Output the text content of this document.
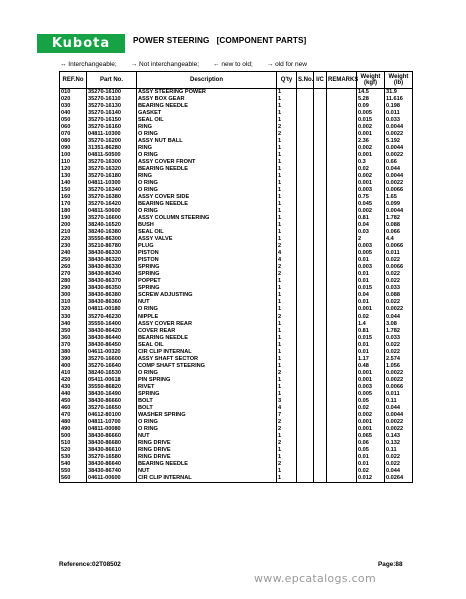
Kubota	POWER STEERING   [COMPONENT PARTS]
↔ Interchangeable; → Not interchangeable; ← new to old; → old for new
REF.No	Part No.	Description	Q'ty	S.No.	I/C	REMARKS	Weight (kgf)	Weight (lb)
010	35270-16100	ASSY STEERING POWER	1				14.5	31.9
020	35270-16110	ASSY BOX GEAR	1				5.28	11.616
030	35270-16130	BEARING NEEDLE	1				0.09	0.198
040	35270-16140	GASKET	1				0.005	0.011
050	35270-16150	SEAL OIL	1				0.015	0.033
060	35270-16160	RING	2				0.002	0.0044
070	04811-10300	O RING	2				0.001	0.0022
080	35270-16200	ASSY NUT BALL	1				2.36	5.192
090	31351-86280	RING	1				0.002	0.0044
100	04811-50500	O RING	1				0.001	0.0022
110	35270-16300	ASSY COVER FRONT	1				0.3	0.66
120	35270-16320	BEARING NEEDLE	1				0.02	0.044
130	35270-16180	RING	1				0.002	0.0044
140	04811-10300	O RING	1				0.001	0.0022
150	35270-16340	O RING	1				0.003	0.0066
160	35270-16380	ASSY COVER SIDE	1				0.75	1.65
170	35270-16420	BEARING NEEDLE	1				0.045	0.099
180	04811-50600	O RING	1				0.002	0.0044
190	35270-16600	ASSY COLUMN STEERING	1				0.81	1.782
200	38240-16520	BUSH	1				0.04	0.088
210	38240-16380	SEAL OIL	1				0.03	0.066
220	35550-86300	ASSY VALVE	1				2	4.4
230	35210-86780	PLUG	2				0.003	0.0066
240	38430-86330	PISTON	4				0.005	0.011
250	38430-86320	PISTON	4				0.01	0.022
260	38430-86330	SPRING	2				0.003	0.0066
270	38430-86340	SPRING	2				0.01	0.022
280	38430-86370	POPPET	1				0.01	0.022
290	38430-86350	SPRING	1				0.015	0.033
300	38430-86380	SCREW ADJUSTING	1				0.04	0.088
310	38430-86360	NUT	1				0.01	0.022
320	04811-00180	O RING	1				0.001	0.0022
330	35270-46230	NIPPLE	2				0.02	0.044
340	35550-16400	ASSY COVER REAR	1				1.4	3.08
350	38430-86420	COVER REAR	1				0.81	1.782
360	38430-86440	BEARING NEEDLE	1				0.015	0.033
370	38430-86450	SEAL OIL	1				0.01	0.022
380	04611-00320	CIR CLIP INTERNAL	1				0.01	0.022
390	35270-16600	ASSY SHAFT SECTOR	1				1.17	2.574
400	35270-16640	COMP SHAFT STEERING	1				0.48	1.056
410	38240-16530	O RING	2				0.001	0.0022
420	05411-00618	PIN SPRING	1				0.001	0.0022
430	35550-86820	RIVET	1				0.003	0.0066
440	38430-16490	SPRING	1				0.005	0.011
450	38430-86660	BOLT	3				0.05	0.11
460	35270-16650	BOLT	4				0.02	0.044
470	04612-80100	WASHER SPRING	7				0.002	0.0044
480	04811-10700	O RING	2				0.001	0.0022
490	04811-00080	O RING	2				0.001	0.0022
500	38430-86660	NUT	1				0.065	0.143
510	38430-86680	RING DRIVE	2				0.06	0.132
520	38430-86610	RING DRIVE	1				0.05	0.11
530	35270-16580	RING DRIVE	1				0.01	0.022
540	38430-86640	BEARING NEEDLE	2				0.01	0.022
550	38430-86740	NUT	1				0.02	0.044
560	04611-00600	CIR CLIP INTERNAL	1				0.012	0.0264
Reference:02T08502	Page:88
www.epcatalogs.com
